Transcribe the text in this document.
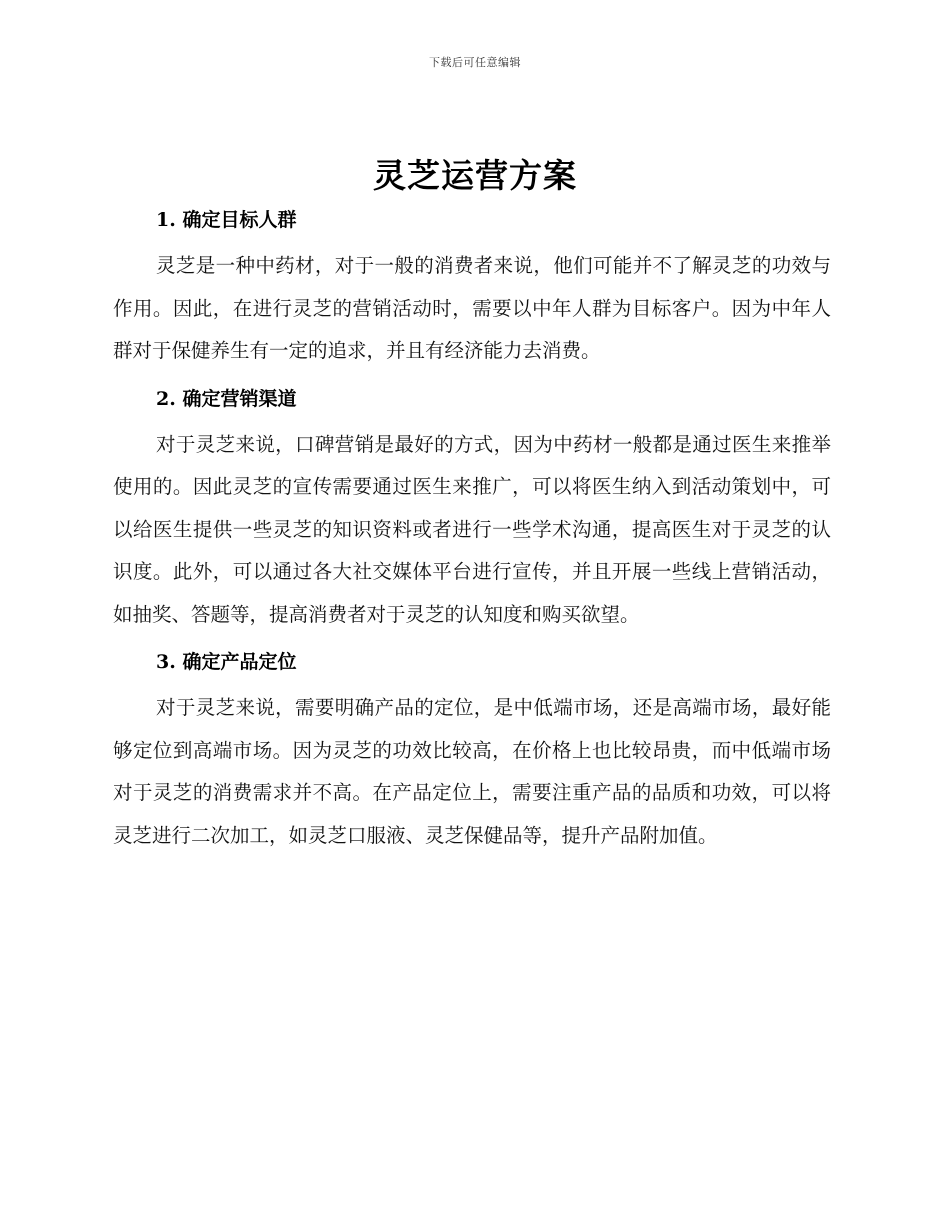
下载后可任意编辑
灵芝运营方案
1. 确定目标人群

灵芝是一种中药材，对于一般的消费者来说，他们可能并不了解灵芝的功效与作用。因此，在进行灵芝的营销活动时，需要以中年人群为目标客户。因为中年人群对于保健养生有一定的追求，并且有经济能力去消费。

2. 确定营销渠道

对于灵芝来说，口碑营销是最好的方式，因为中药材一般都是通过医生来推举使用的。因此灵芝的宣传需要通过医生来推广，可以将医生纳入到活动策划中，可以给医生提供一些灵芝的知识资料或者进行一些学术沟通，提高医生对于灵芝的认识度。此外，可以通过各大社交媒体平台进行宣传，并且开展一些线上营销活动，如抽奖、答题等，提高消费者对于灵芝的认知度和购买欲望。

3. 确定产品定位

对于灵芝来说，需要明确产品的定位，是中低端市场，还是高端市场，最好能够定位到高端市场。因为灵芝的功效比较高，在价格上也比较昂贵，而中低端市场对于灵芝的消费需求并不高。在产品定位上，需要注重产品的品质和功效，可以将灵芝进行二次加工，如灵芝口服液、灵芝保健品等，提升产品附加值。
